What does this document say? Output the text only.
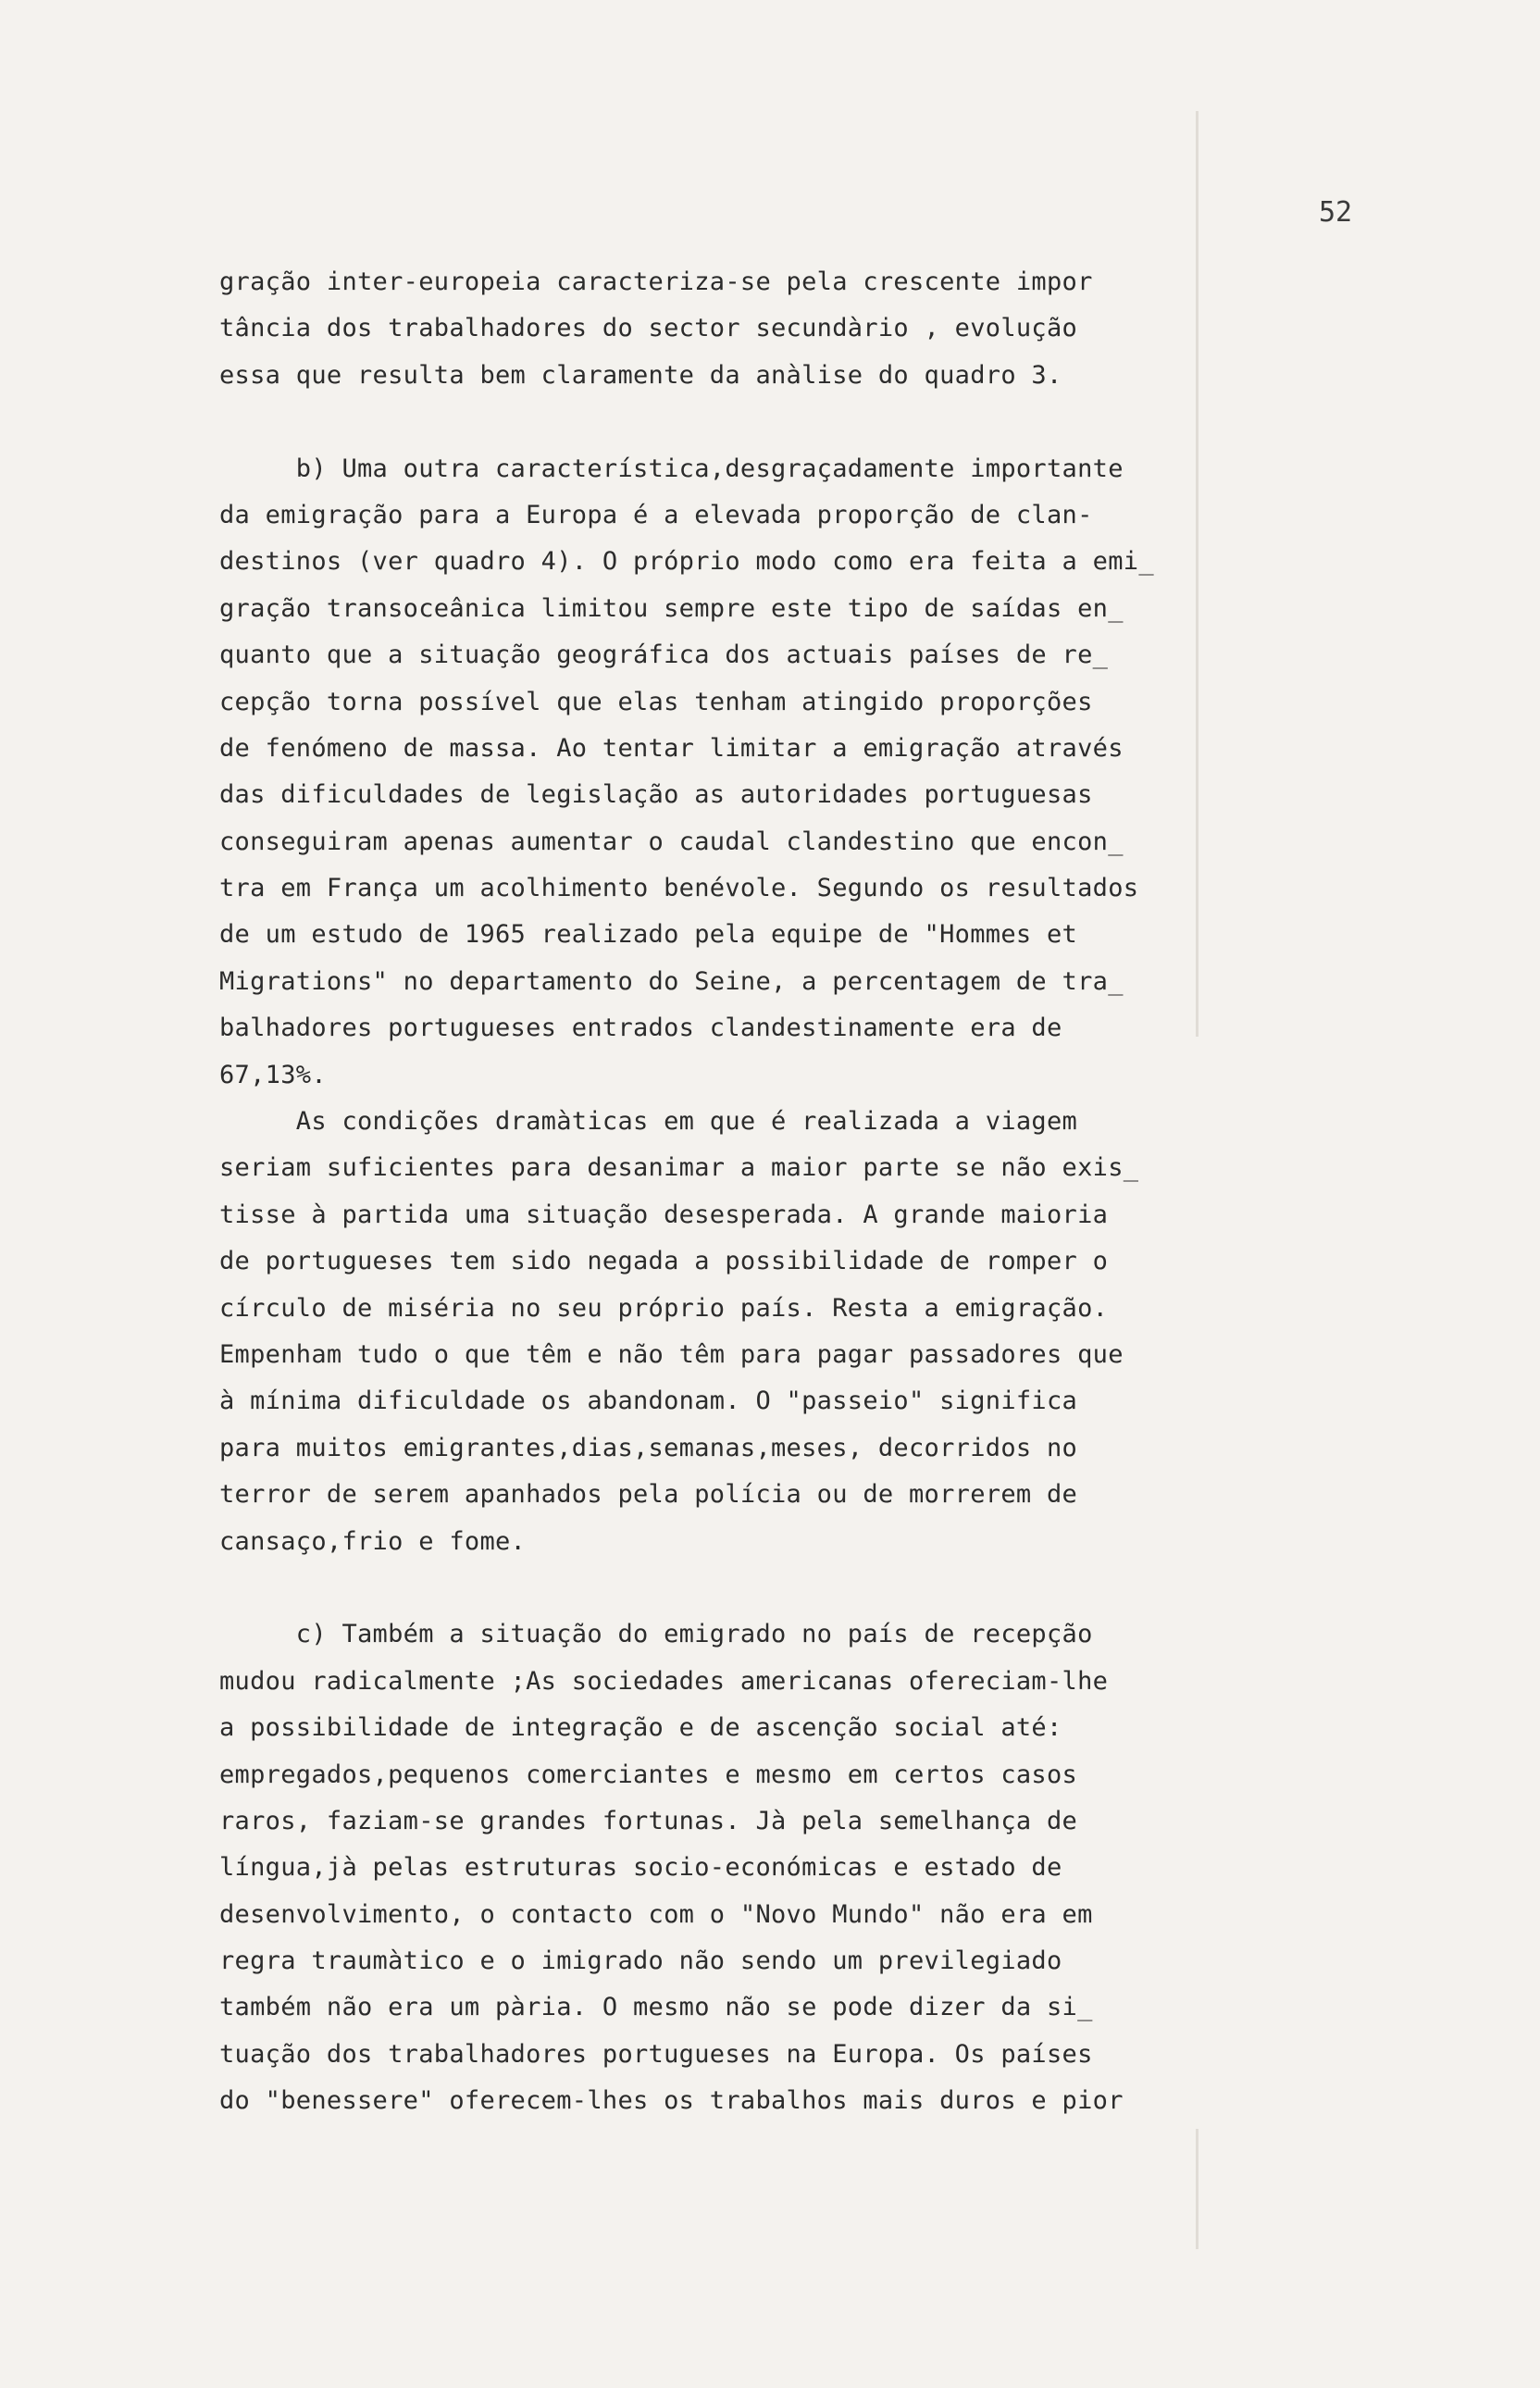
52
gração inter-europeia caracteriza-se pela crescente impor
tância dos trabalhadores do sector secundàrio , evolução
essa que resulta bem claramente da anàlise do quadro 3.
b) Uma outra característica,desgraçadamente importante
da emigração para a Europa é a elevada proporção de clan-
destinos (ver quadro 4). O próprio modo como era feita a emi_
gração transoceânica limitou sempre este tipo de saídas en_
quanto que a situação geográfica dos actuais países de re_
cepção torna possível que elas tenham atingido proporções
de fenómeno de massa. Ao tentar limitar a emigração através
das dificuldades de legislação as autoridades portuguesas
conseguiram apenas aumentar o caudal clandestino que encon_
tra em França um acolhimento benévole. Segundo os resultados
de um estudo de 1965 realizado pela equipe de "Hommes et
Migrations" no departamento do Seine, a percentagem de tra_
balhadores portugueses entrados clandestinamente era de
67,13%.
As condições dramàticas em que é realizada a viagem
seriam suficientes para desanimar a maior parte se não exis_
tisse à partida uma situação desesperada. A grande maioria
de portugueses tem sido negada a possibilidade de romper o
círculo de miséria no seu próprio país. Resta a emigração.
Empenham tudo o que têm e não têm para pagar passadores que
à mínima dificuldade os abandonam. O "passeio" significa
para muitos emigrantes,dias,semanas,meses, decorridos no
terror de serem apanhados pela polícia ou de morrerem de
cansaço,frio e fome.
c) Também a situação do emigrado no país de recepção
mudou radicalmente ;As sociedades americanas ofereciam-lhe
a possibilidade de integração e de ascenção social até:
empregados,pequenos comerciantes e mesmo em certos casos
raros, faziam-se grandes fortunas. Jà pela semelhança de
língua,jà pelas estruturas socio-económicas e estado de
desenvolvimento, o contacto com o "Novo Mundo" não era em
regra traumàtico e o imigrado não sendo um previlegiado
também não era um pària. O mesmo não se pode dizer da si_
tuação dos trabalhadores portugueses na Europa. Os países
do "benessere" oferecem-lhes os trabalhos mais duros e pior
